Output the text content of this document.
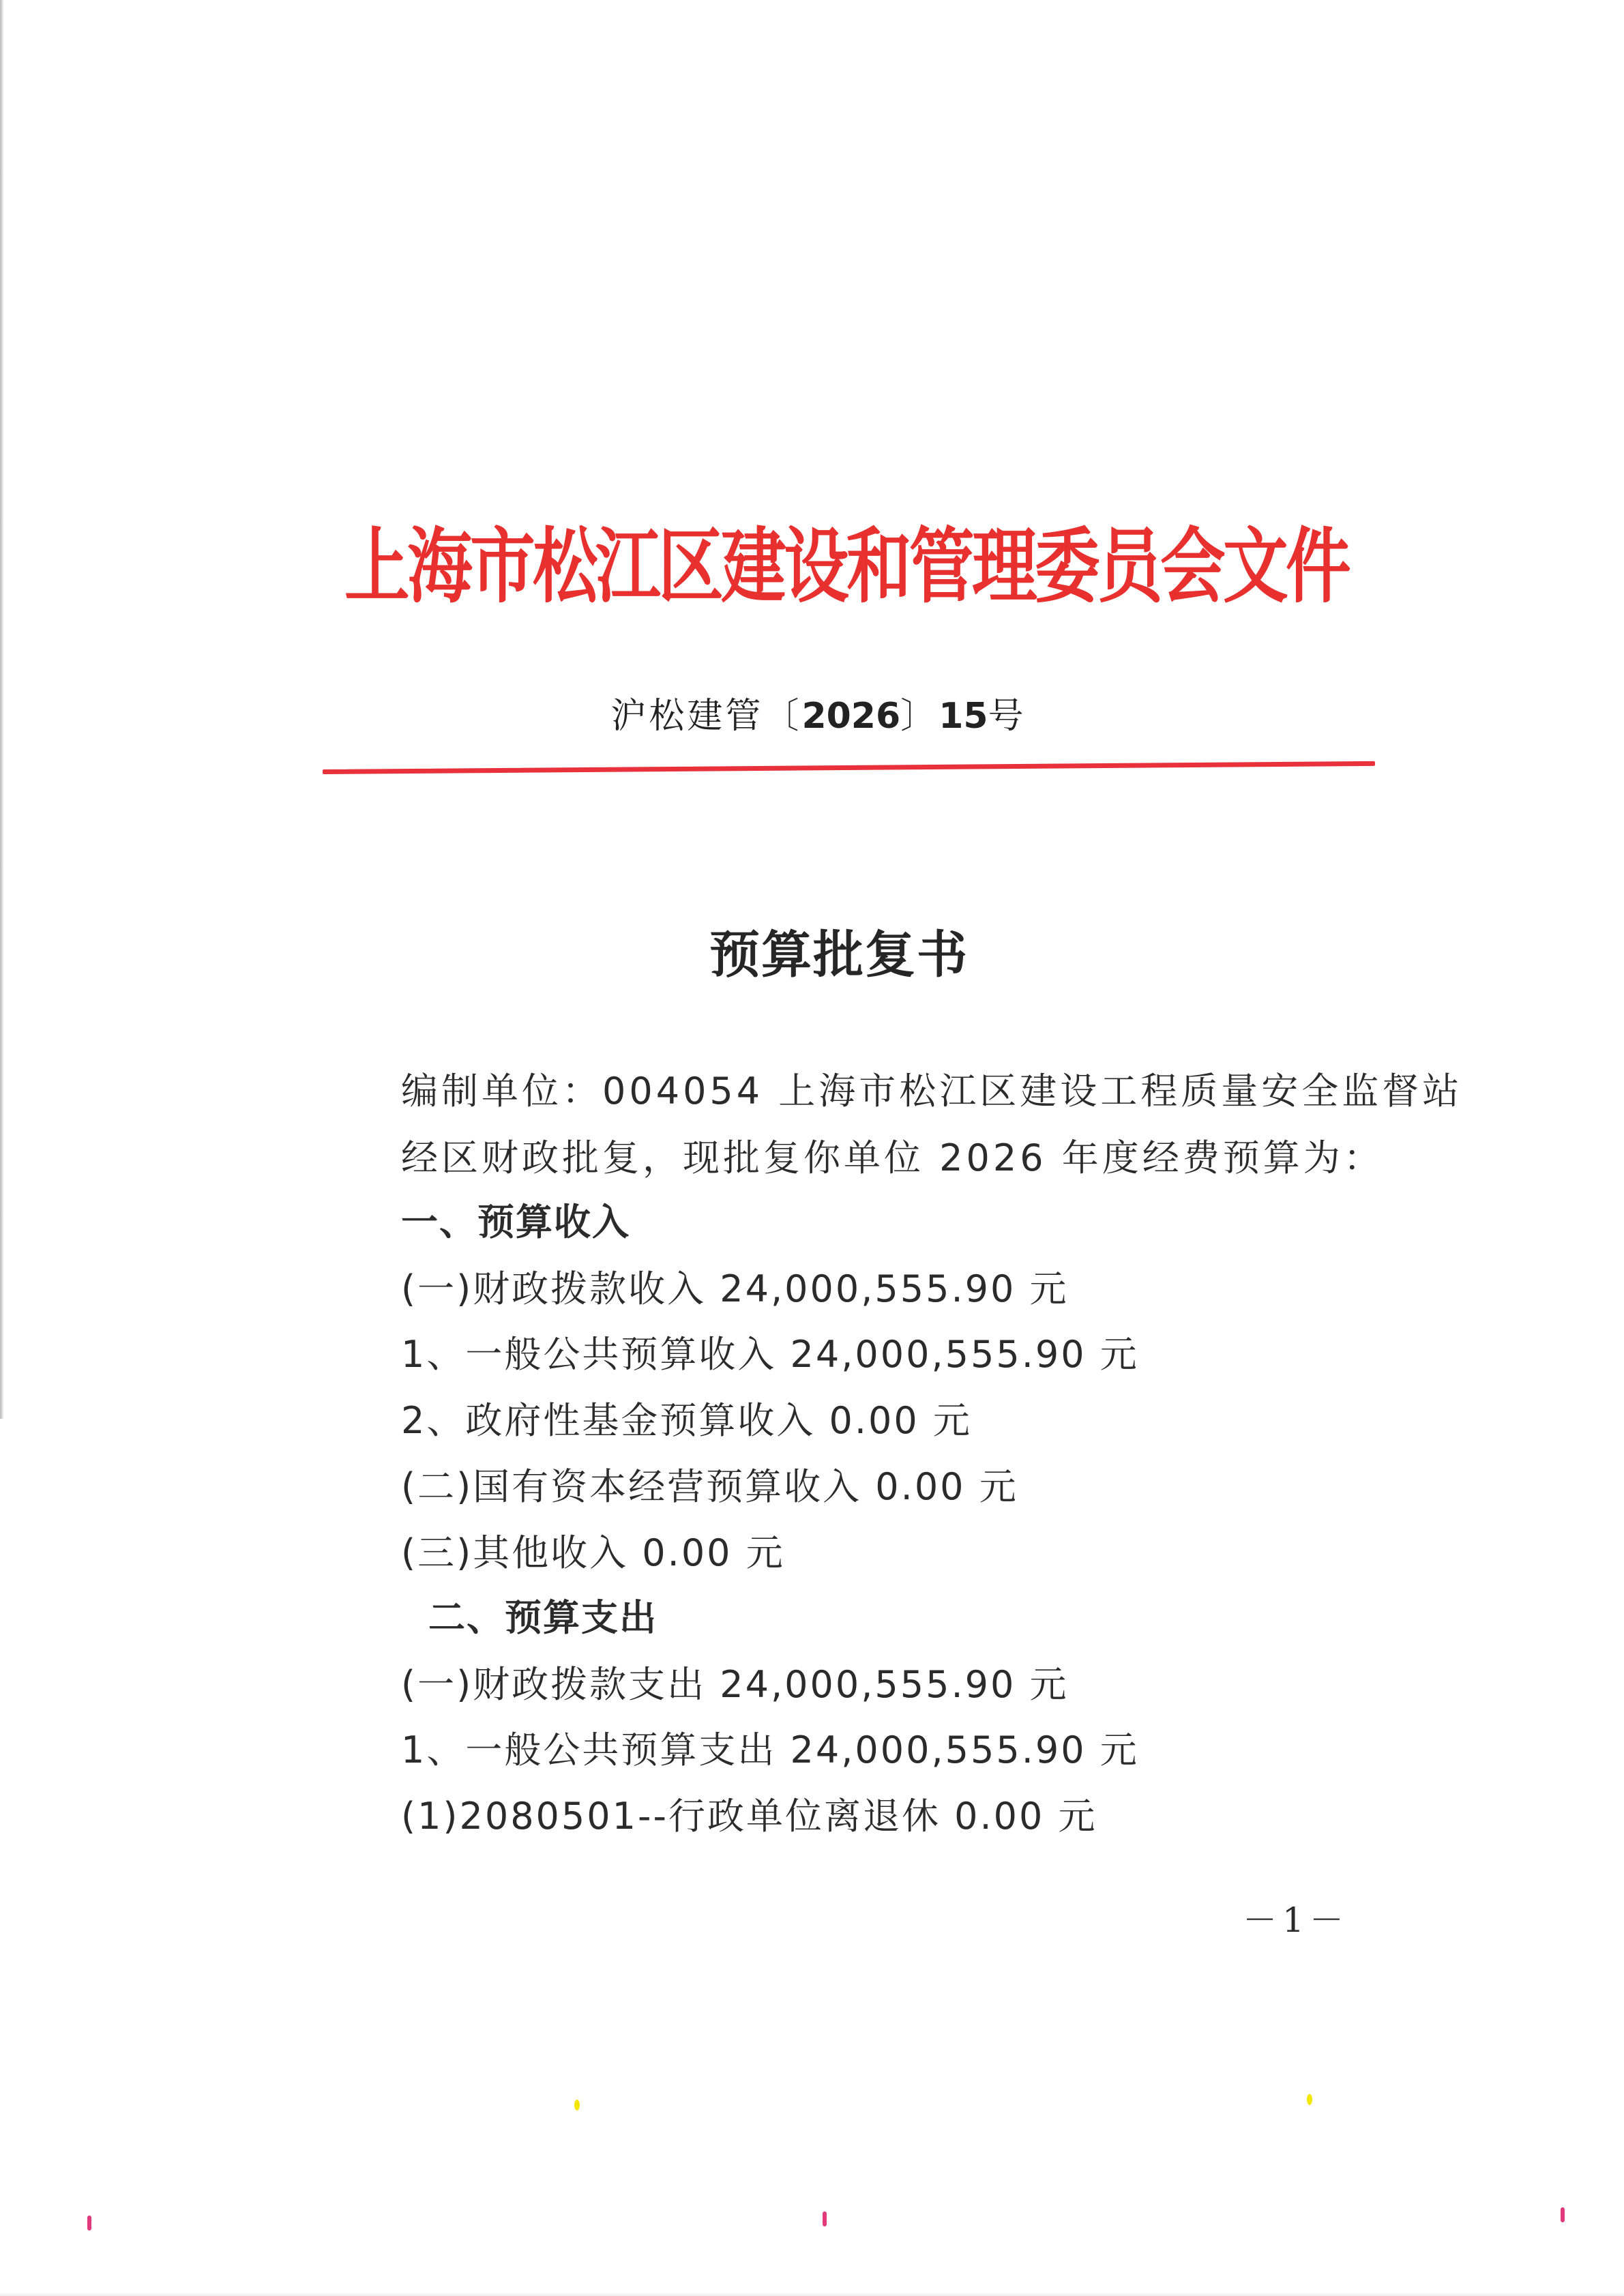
上海市松江区建设和管理委员会文件
沪松建管〔2026〕15号
预算批复书
编制单位：004054 上海市松江区建设工程质量安全监督站
经区财政批复，现批复你单位 2026 年度经费预算为：
一、预算收入
(一)财政拨款收入 24,000,555.90 元
1、一般公共预算收入 24,000,555.90 元
2、政府性基金预算收入 0.00 元
(二)国有资本经营预算收入 0.00 元
(三)其他收入 0.00 元
二、预算支出
(一)财政拨款支出 24,000,555.90 元
1、一般公共预算支出 24,000,555.90 元
(1)2080501--行政单位离退休 0.00 元
－1－
